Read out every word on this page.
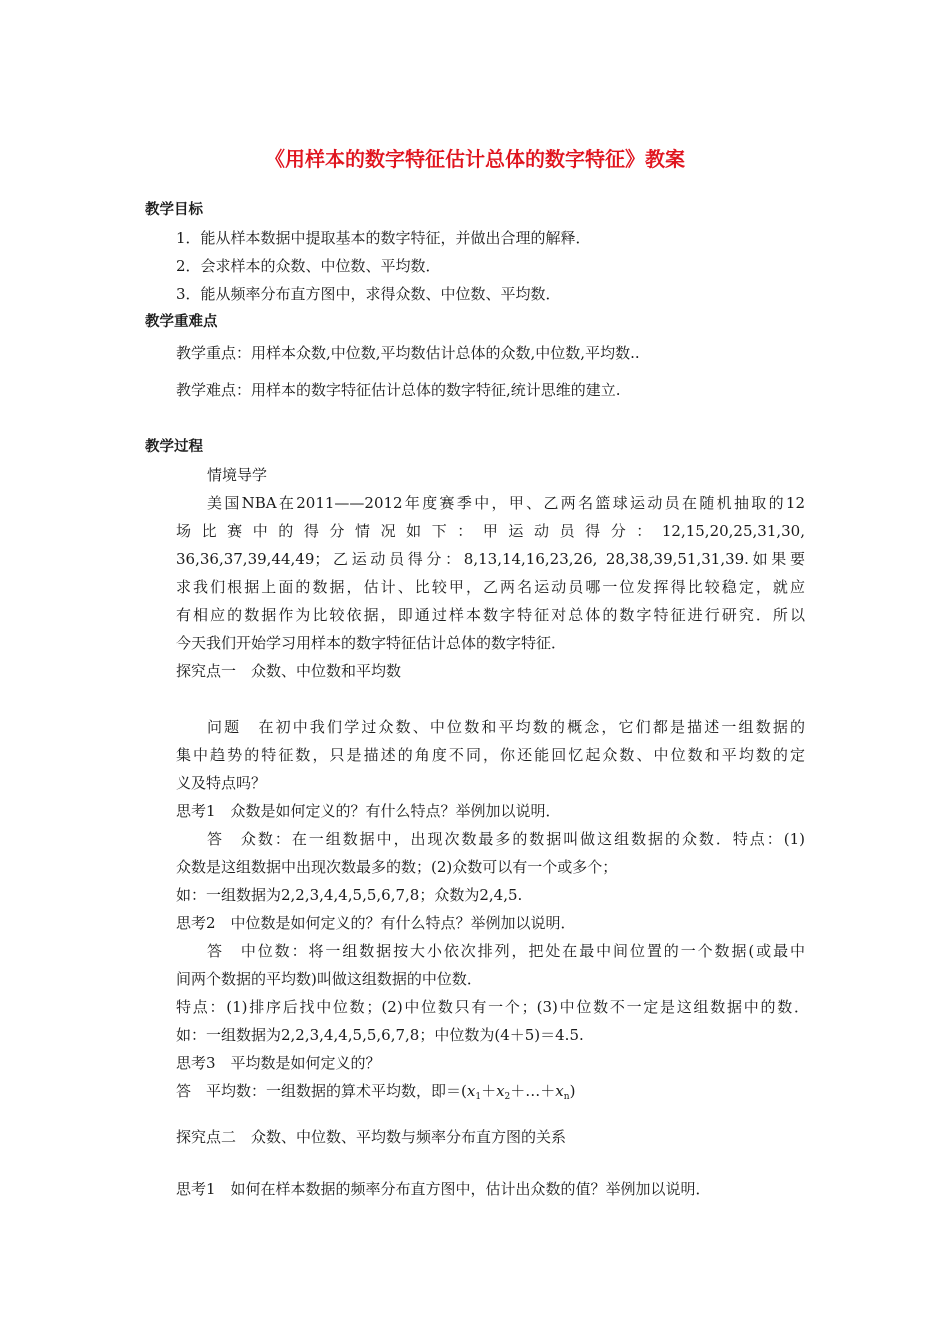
《用样本的数字特征估计总体的数字特征》教案
教学目标
1．能从样本数据中提取基本的数字特征，并做出合理的解释．
2．会求样本的众数、中位数、平均数．
3．能从频率分布直方图中，求得众数、中位数、平均数．
教学重难点
教学重点：用样本众数,中位数,平均数估计总体的众数,中位数,平均数..
教学难点：用样本的数字特征估计总体的数字特征,统计思维的建立.
教学过程
情境导学
美国NBA在2011——2012年度赛季中，甲、乙两名篮球运动员在随机抽取的12
场 比 赛 中 的 得 分 情 况 如 下 ： 甲 运 动 员 得 分 ： 12,15,20,25,31,30,
36,36,37,39,44,49；乙运动员得分：8,13,14,16,23,26, 28,38,39,51,31,39.如果要
求我们根据上面的数据，估计、比较甲，乙两名运动员哪一位发挥得比较稳定，就应
有相应的数据作为比较依据，即通过样本数字特征对总体的数字特征进行研究．所以
今天我们开始学习用样本的数字特征估计总体的数字特征．
探究点一　众数、中位数和平均数
问题　在初中我们学过众数、中位数和平均数的概念，它们都是描述一组数据的
集中趋势的特征数，只是描述的角度不同，你还能回忆起众数、中位数和平均数的定
义及特点吗？
思考1　众数是如何定义的？有什么特点？举例加以说明．
答　众数：在一组数据中，出现次数最多的数据叫做这组数据的众数．特点：(1)
众数是这组数据中出现次数最多的数；(2)众数可以有一个或多个；
如：一组数据为2,2,3,4,4,5,5,6,7,8；众数为2,4,5.
思考2　中位数是如何定义的？有什么特点？举例加以说明．
答　中位数：将一组数据按大小依次排列，把处在最中间位置的一个数据(或最中
间两个数据的平均数)叫做这组数据的中位数．
特点：(1)排序后找中位数；(2)中位数只有一个；(3)中位数不一定是这组数据中的数．
如：一组数据为2,2,3,4,4,5,5,6,7,8；中位数为(4＋5)＝4.5.
思考3　平均数是如何定义的？
答　平均数：一组数据的算术平均数，即$=(x_1+x_2+\dots+x_n)$
探究点二　众数、中位数、平均数与频率分布直方图的关系
思考1　如何在样本数据的频率分布直方图中，估计出众数的值？举例加以说明．
